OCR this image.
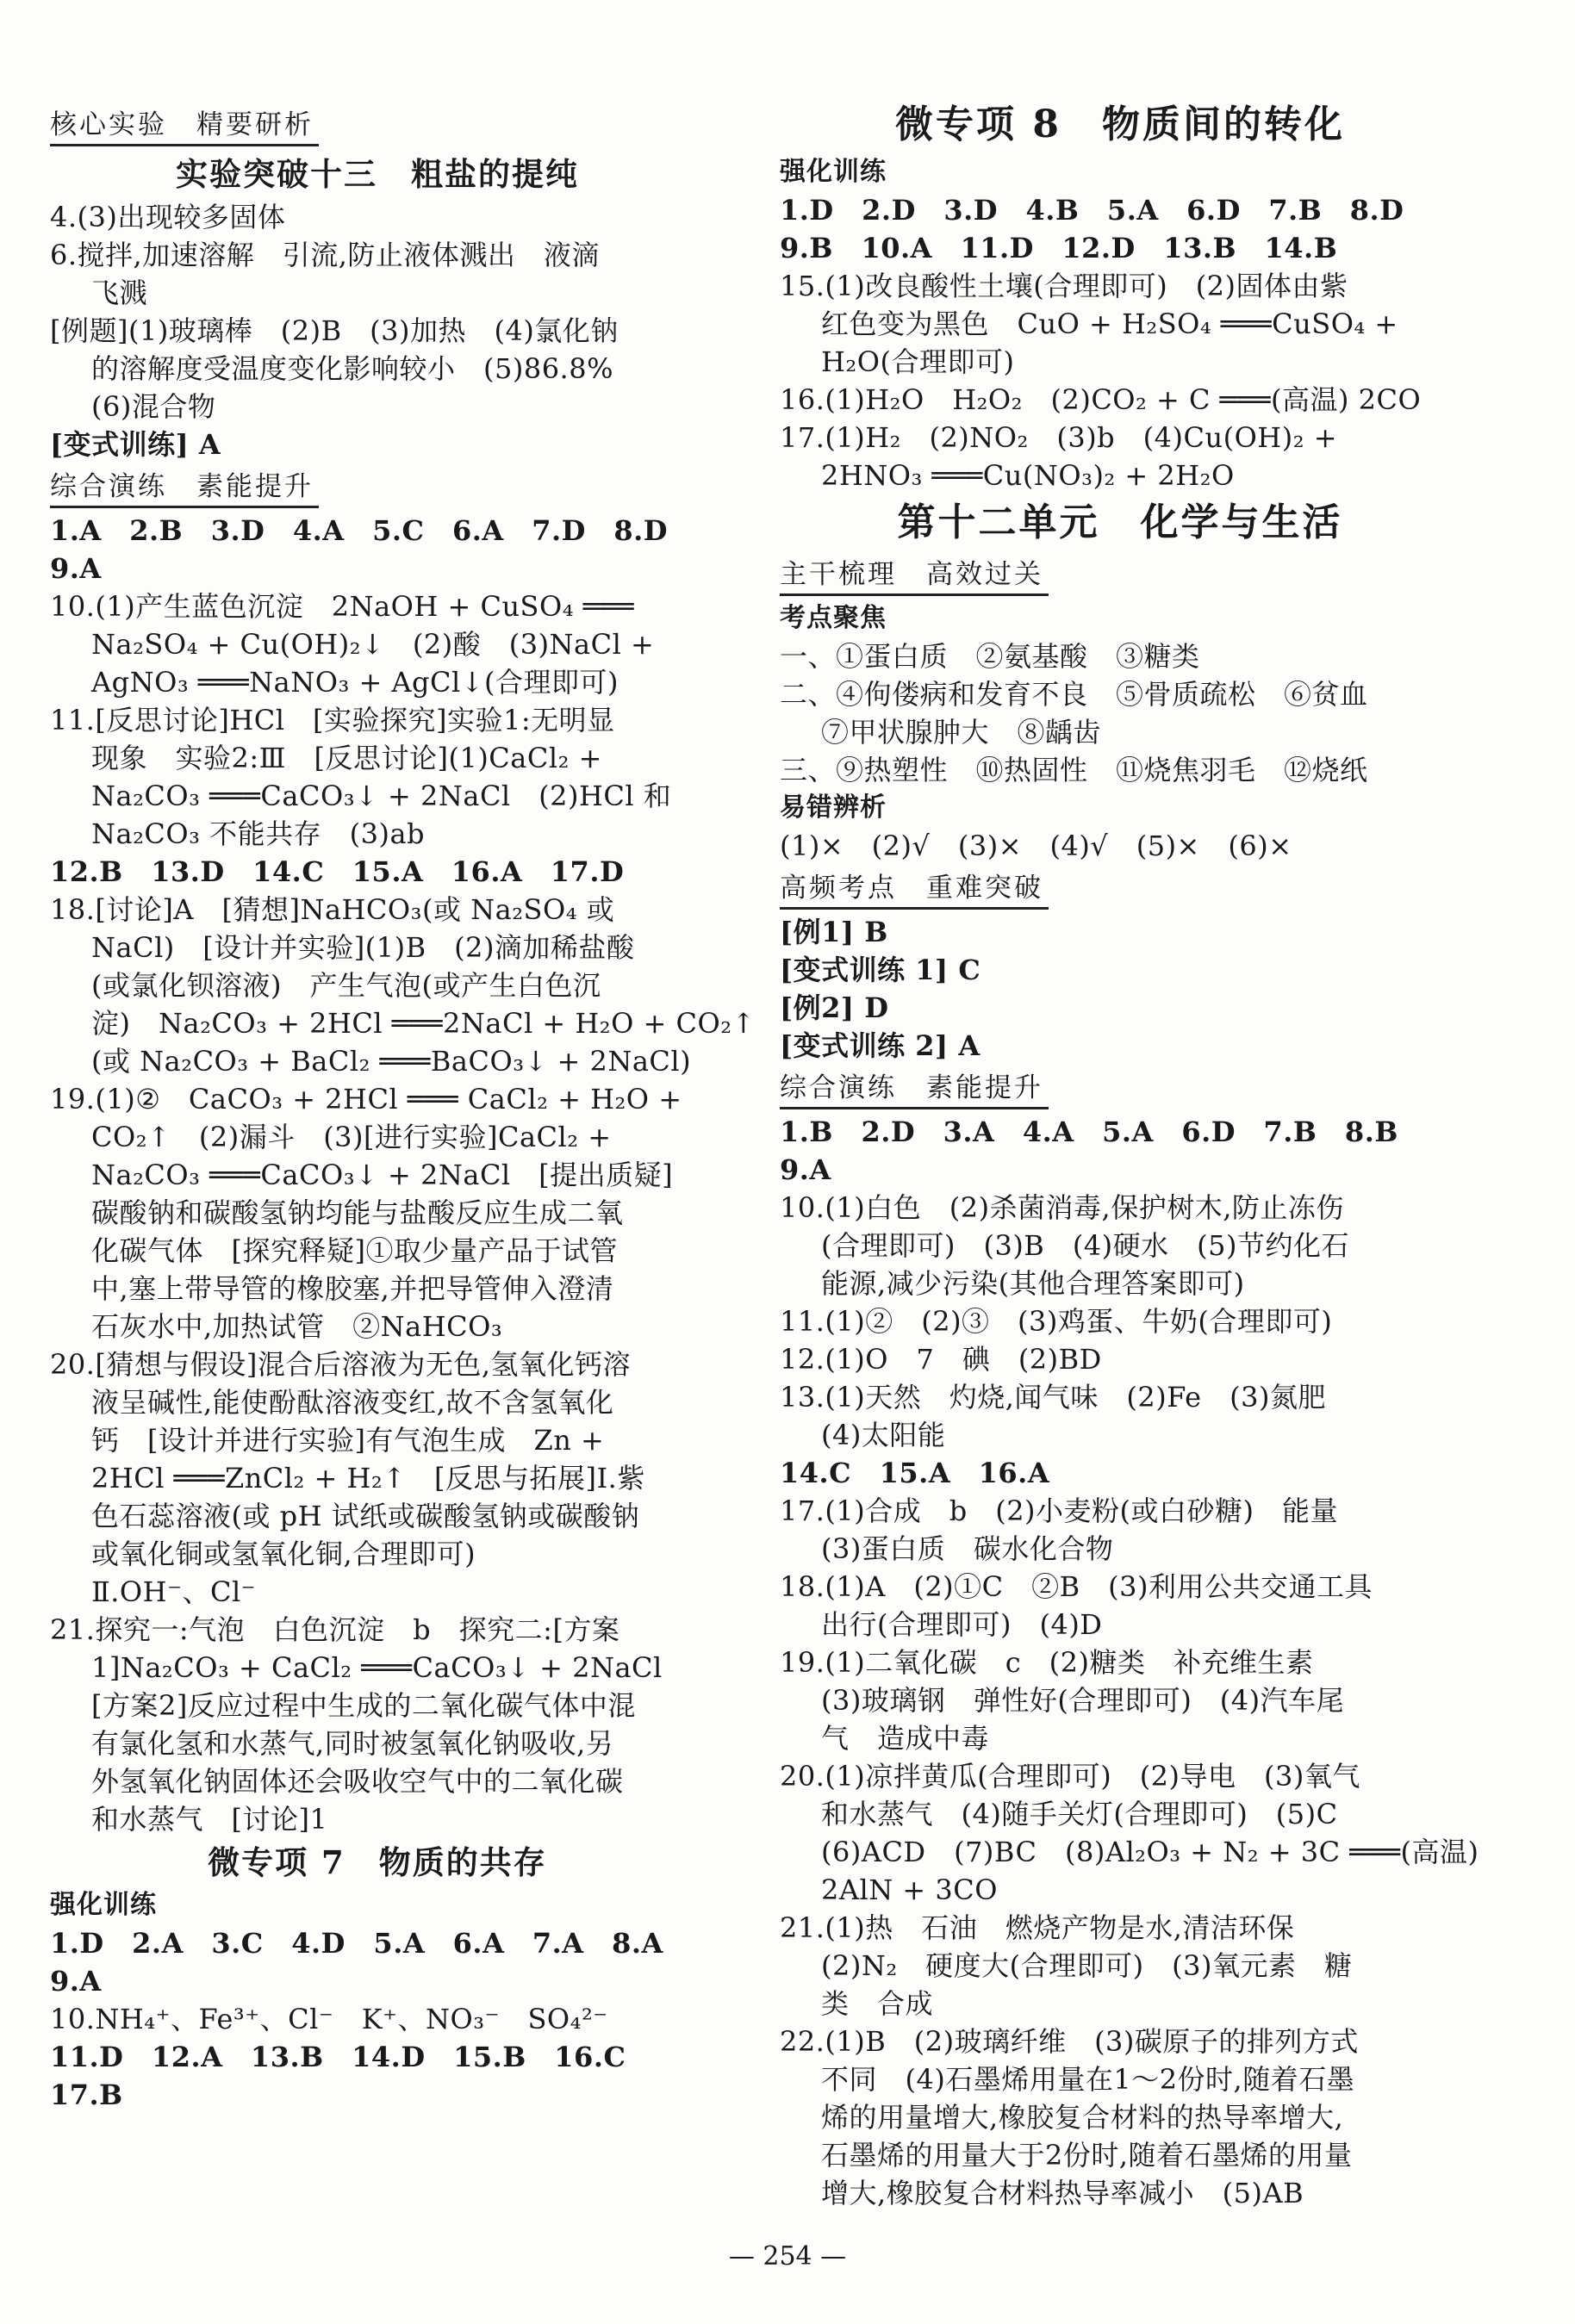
核心实验　精要研析
实验突破十三　粗盐的提纯
4.(3)出现较多固体
6.搅拌,加速溶解　引流,防止液体溅出　液滴
飞溅
[例题](1)玻璃棒　(2)B　(3)加热　(4)氯化钠
的溶解度受温度变化影响较小　(5)86.8%
(6)混合物
[变式训练] A
综合演练　素能提升
1.A　2.B　3.D　4.A　5.C　6.A　7.D　8.D
9.A
10.(1)产生蓝色沉淀　2NaOH + CuSO₄ ═══
Na₂SO₄ + Cu(OH)₂↓　(2)酸　(3)NaCl +
AgNO₃ ═══NaNO₃ + AgCl↓(合理即可)
11.[反思讨论]HCl　[实验探究]实验1:无明显
现象　实验2:Ⅲ　[反思讨论](1)CaCl₂ +
Na₂CO₃ ═══CaCO₃↓ + 2NaCl　(2)HCl 和
Na₂CO₃ 不能共存　(3)ab
12.B　13.D　14.C　15.A　16.A　17.D
18.[讨论]A　[猜想]NaHCO₃(或 Na₂SO₄ 或
NaCl)　[设计并实验](1)B　(2)滴加稀盐酸
(或氯化钡溶液)　产生气泡(或产生白色沉
淀)　Na₂CO₃ + 2HCl ═══2NaCl + H₂O + CO₂↑
(或 Na₂CO₃ + BaCl₂ ═══BaCO₃↓ + 2NaCl)
19.(1)②　CaCO₃ + 2HCl ═══ CaCl₂ + H₂O +
CO₂↑　(2)漏斗　(3)[进行实验]CaCl₂ +
Na₂CO₃ ═══CaCO₃↓ + 2NaCl　[提出质疑]
碳酸钠和碳酸氢钠均能与盐酸反应生成二氧
化碳气体　[探究释疑]①取少量产品于试管
中,塞上带导管的橡胶塞,并把导管伸入澄清
石灰水中,加热试管　②NaHCO₃
20.[猜想与假设]混合后溶液为无色,氢氧化钙溶
液呈碱性,能使酚酞溶液变红,故不含氢氧化
钙　[设计并进行实验]有气泡生成　Zn +
2HCl ═══ZnCl₂ + H₂↑　[反思与拓展]Ⅰ.紫
色石蕊溶液(或 pH 试纸或碳酸氢钠或碳酸钠
或氧化铜或氢氧化铜,合理即可)
Ⅱ.OH⁻、Cl⁻
21.探究一:气泡　白色沉淀　b　探究二:[方案
1]Na₂CO₃ + CaCl₂ ═══CaCO₃↓ + 2NaCl
[方案2]反应过程中生成的二氧化碳气体中混
有氯化氢和水蒸气,同时被氢氧化钠吸收,另
外氢氧化钠固体还会吸收空气中的二氧化碳
和水蒸气　[讨论]1
微专项 7　物质的共存
强化训练
1.D　2.A　3.C　4.D　5.A　6.A　7.A　8.A
9.A
10.NH₄⁺、Fe³⁺、Cl⁻　K⁺、NO₃⁻　SO₄²⁻
11.D　12.A　13.B　14.D　15.B　16.C
17.B
微专项 8　物质间的转化
强化训练
1.D　2.D　3.D　4.B　5.A　6.D　7.B　8.D
9.B　10.A　11.D　12.D　13.B　14.B
15.(1)改良酸性土壤(合理即可)　(2)固体由紫
红色变为黑色　CuO + H₂SO₄ ═══CuSO₄ +
H₂O(合理即可)
16.(1)H₂O　H₂O₂　(2)CO₂ + C ═══(高温) 2CO
17.(1)H₂　(2)NO₂　(3)b　(4)Cu(OH)₂ +
2HNO₃ ═══Cu(NO₃)₂ + 2H₂O
第十二单元　化学与生活
主干梳理　高效过关
考点聚焦
一、①蛋白质　②氨基酸　③糖类
二、④佝偻病和发育不良　⑤骨质疏松　⑥贫血
⑦甲状腺肿大　⑧龋齿
三、⑨热塑性　⑩热固性　⑪烧焦羽毛　⑫烧纸
易错辨析
(1)×　(2)√　(3)×　(4)√　(5)×　(6)×
高频考点　重难突破
[例1] B
[变式训练 1] C
[例2] D
[变式训练 2] A
综合演练　素能提升
1.B　2.D　3.A　4.A　5.A　6.D　7.B　8.B
9.A
10.(1)白色　(2)杀菌消毒,保护树木,防止冻伤
(合理即可)　(3)B　(4)硬水　(5)节约化石
能源,减少污染(其他合理答案即可)
11.(1)②　(2)③　(3)鸡蛋、牛奶(合理即可)
12.(1)O　7　碘　(2)BD
13.(1)天然　灼烧,闻气味　(2)Fe　(3)氮肥
(4)太阳能
14.C　15.A　16.A
17.(1)合成　b　(2)小麦粉(或白砂糖)　能量
(3)蛋白质　碳水化合物
18.(1)A　(2)①C　②B　(3)利用公共交通工具
出行(合理即可)　(4)D
19.(1)二氧化碳　c　(2)糖类　补充维生素
(3)玻璃钢　弹性好(合理即可)　(4)汽车尾
气　造成中毒
20.(1)凉拌黄瓜(合理即可)　(2)导电　(3)氧气
和水蒸气　(4)随手关灯(合理即可)　(5)C
(6)ACD　(7)BC　(8)Al₂O₃ + N₂ + 3C ═══(高温)
2AlN + 3CO
21.(1)热　石油　燃烧产物是水,清洁环保
(2)N₂　硬度大(合理即可)　(3)氧元素　糖
类　合成
22.(1)B　(2)玻璃纤维　(3)碳原子的排列方式
不同　(4)石墨烯用量在1～2份时,随着石墨
烯的用量增大,橡胶复合材料的热导率增大,
石墨烯的用量大于2份时,随着石墨烯的用量
增大,橡胶复合材料热导率减小　(5)AB
— 254 —
